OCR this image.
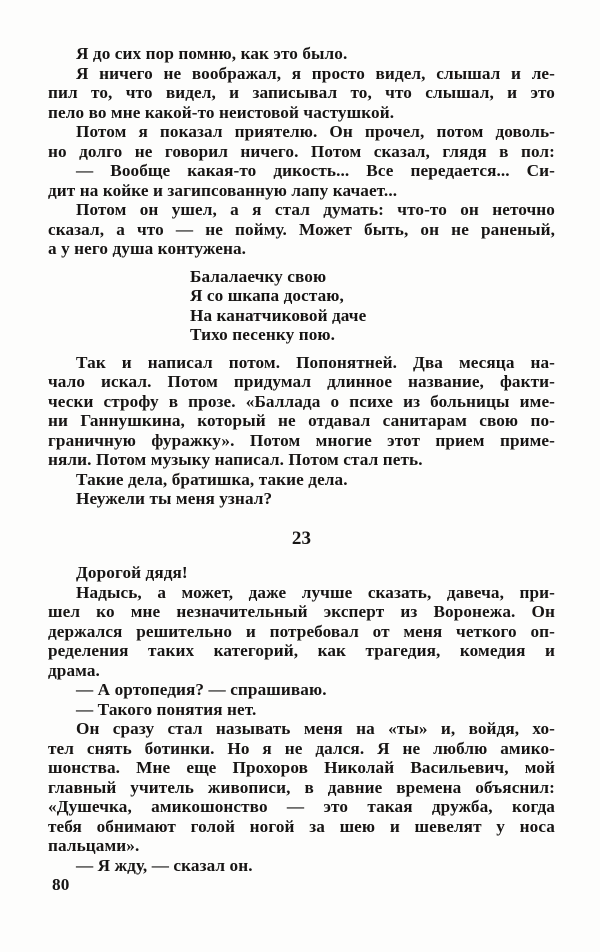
Я до сих пор помню, как это было.
Я ничего не воображал, я просто видел, слышал и ле-
пил то, что видел, и записывал то, что слышал, и это
пело во мне какой-то неистовой частушкой.
Потом я показал приятелю. Он прочел, потом доволь-
но долго не говорил ничего. Потом сказал, глядя в пол:
— Вообще какая-то дикость... Все передается... Си-
дит на койке и загипсованную лапу качает...
Потом он ушел, а я стал думать: что-то он неточно
сказал, а что — не пойму. Может быть, он не раненый,
а у него душа контужена.
Балалаечку свою
Я со шкапа достаю,
На канатчиковой даче
Тихо песенку пою.
Так и написал потом. Попонятней. Два месяца на-
чало искал. Потом придумал длинное название, факти-
чески строфу в прозе. «Баллада о психе из больницы име-
ни Ганнушкина, который не отдавал санитарам свою по-
граничную фуражку». Потом многие этот прием приме-
няли. Потом музыку написал. Потом стал петь.
Такие дела, братишка, такие дела.
Неужели ты меня узнал?
23
Дорогой дядя!
Надысь, а может, даже лучше сказать, давеча, при-
шел ко мне незначительный эксперт из Воронежа. Он
держался решительно и потребовал от меня четкого оп-
ределения таких категорий, как трагедия, комедия и
драма.
— А ортопедия? — спрашиваю.
— Такого понятия нет.
Он сразу стал называть меня на «ты» и, войдя, хо-
тел снять ботинки. Но я не дался. Я не люблю амико-
шонства. Мне еще Прохоров Николай Васильевич, мой
главный учитель живописи, в давние времена объяснил:
«Душечка, амикошонство — это такая дружба, когда
тебя обнимают голой ногой за шею и шевелят у носа
пальцами».
— Я жду, — сказал он.
80
